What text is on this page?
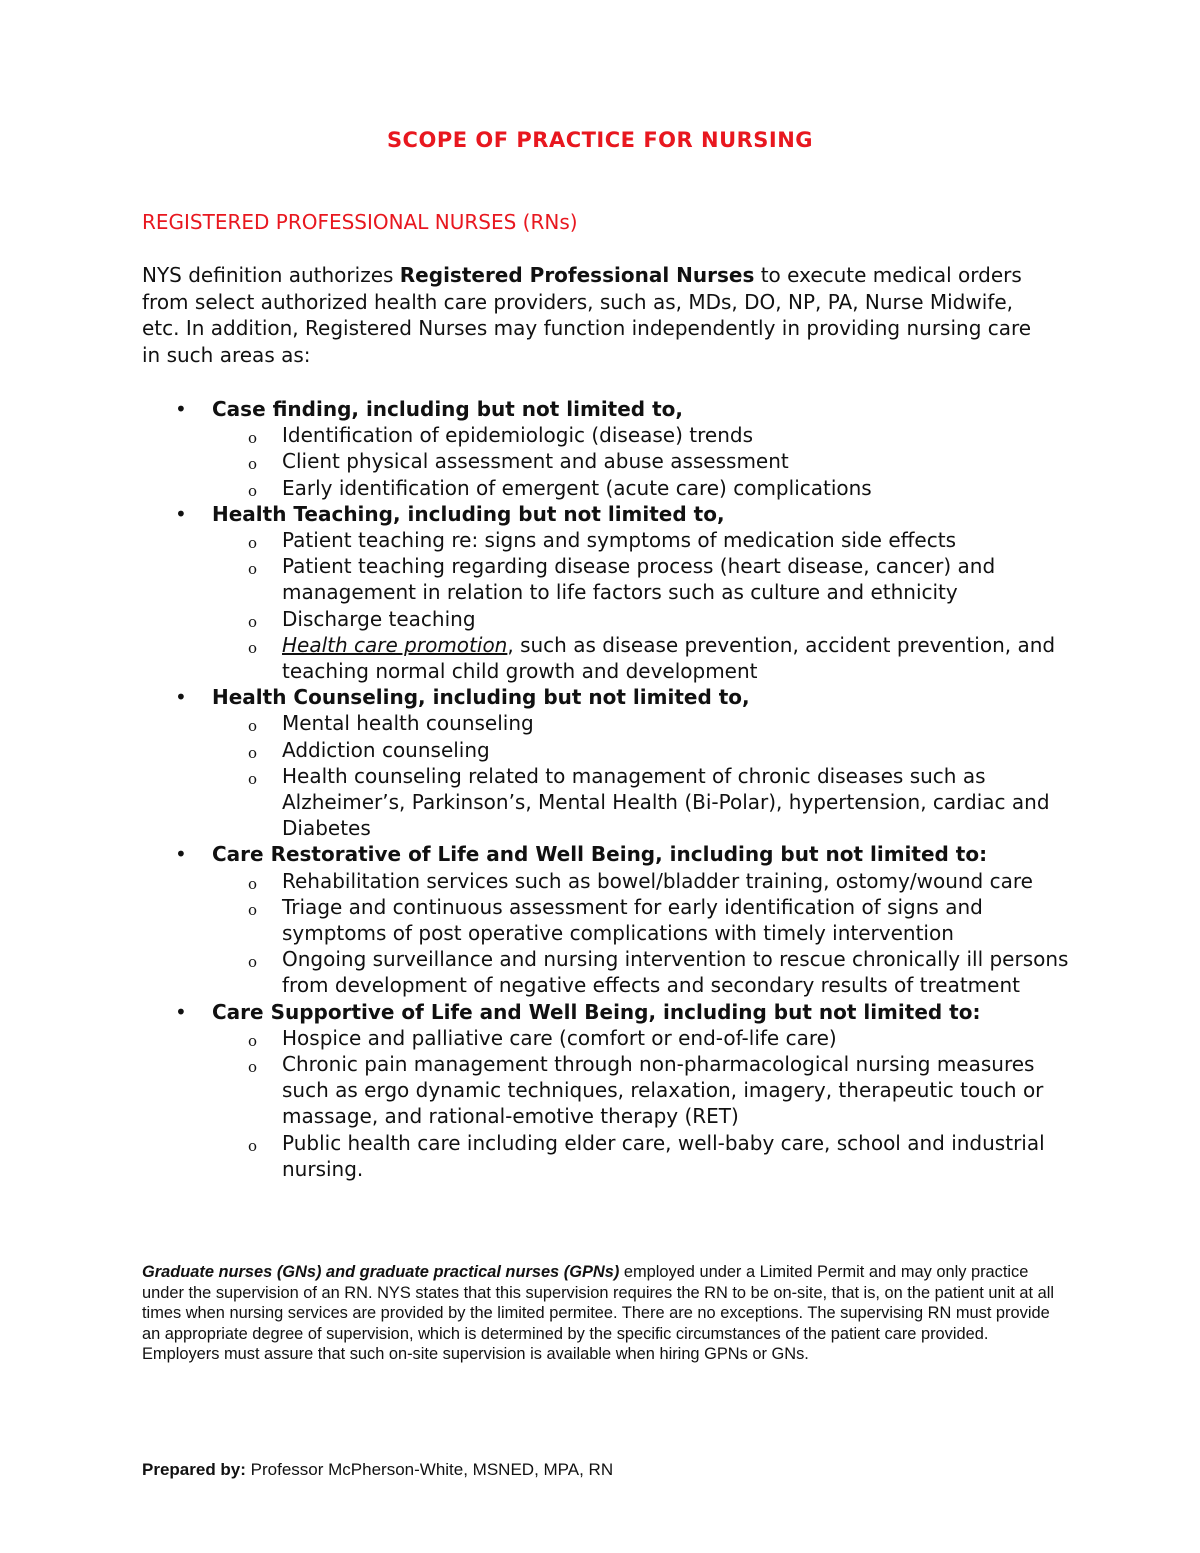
SCOPE OF PRACTICE FOR NURSING
REGISTERED PROFESSIONAL NURSES (RNs)
NYS definition authorizes Registered Professional Nurses to execute medical orders from select authorized health care providers, such as, MDs, DO, NP, PA, Nurse Midwife, etc. In addition, Registered Nurses may function independently in providing nursing care in such areas as:
• Case finding, including but not limited to,
o Identification of epidemiologic (disease) trends
o Client physical assessment and abuse assessment
o Early identification of emergent (acute care) complications
• Health Teaching, including but not limited to,
o Patient teaching re: signs and symptoms of medication side effects
o Patient teaching regarding disease process (heart disease, cancer) and management in relation to life factors such as culture and ethnicity
o Discharge teaching
o Health care promotion, such as disease prevention, accident prevention, and teaching normal child growth and development
• Health Counseling, including but not limited to,
o Mental health counseling
o Addiction counseling
o Health counseling related to management of chronic diseases such as Alzheimer’s, Parkinson’s, Mental Health (Bi-Polar), hypertension, cardiac and Diabetes
• Care Restorative of Life and Well Being, including but not limited to:
o Rehabilitation services such as bowel/bladder training, ostomy/wound care
o Triage and continuous assessment for early identification of signs and symptoms of post operative complications with timely intervention
o Ongoing surveillance and nursing intervention to rescue chronically ill persons from development of negative effects and secondary results of treatment
• Care Supportive of Life and Well Being, including but not limited to:
o Hospice and palliative care (comfort or end-of-life care)
o Chronic pain management through non-pharmacological nursing measures such as ergo dynamic techniques, relaxation, imagery, therapeutic touch or massage, and rational-emotive therapy (RET)
o Public health care including elder care, well-baby care, school and industrial nursing.
Graduate nurses (GNs) and graduate practical nurses (GPNs) employed under a Limited Permit and may only practice under the supervision of an RN. NYS states that this supervision requires the RN to be on-site, that is, on the patient unit at all times when nursing services are provided by the limited permitee. There are no exceptions. The supervising RN must provide an appropriate degree of supervision, which is determined by the specific circumstances of the patient care provided. Employers must assure that such on-site supervision is available when hiring GPNs or GNs.
Prepared by: Professor McPherson-White, MSNED, MPA, RN
